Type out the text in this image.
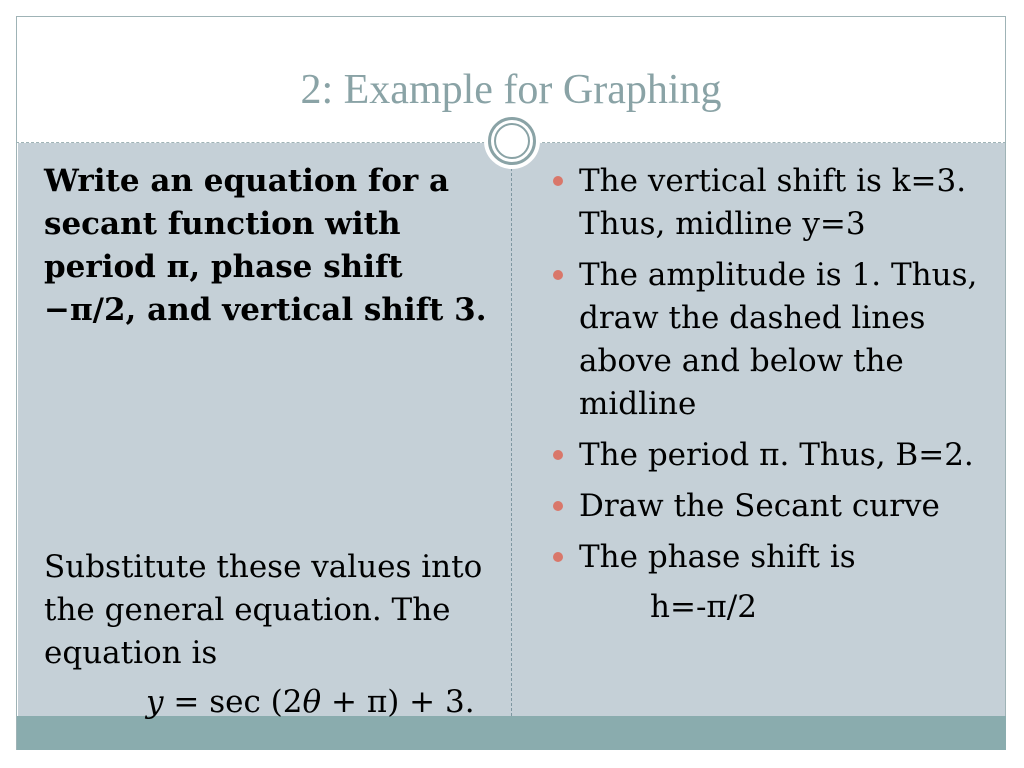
2: Example for Graphing

Write an equation for a secant function with period π, phase shift
−π/2, and vertical shift 3.

Substitute these values into the general equation. The equation is
y = sec (2θ + π) + 3.
The vertical shift is k=3. Thus, midline y=3
The amplitude is 1. Thus, draw the dashed lines above and below the midline
The period π. Thus, B=2.
Draw the Secant curve
The phase shift is
h=-π/2
